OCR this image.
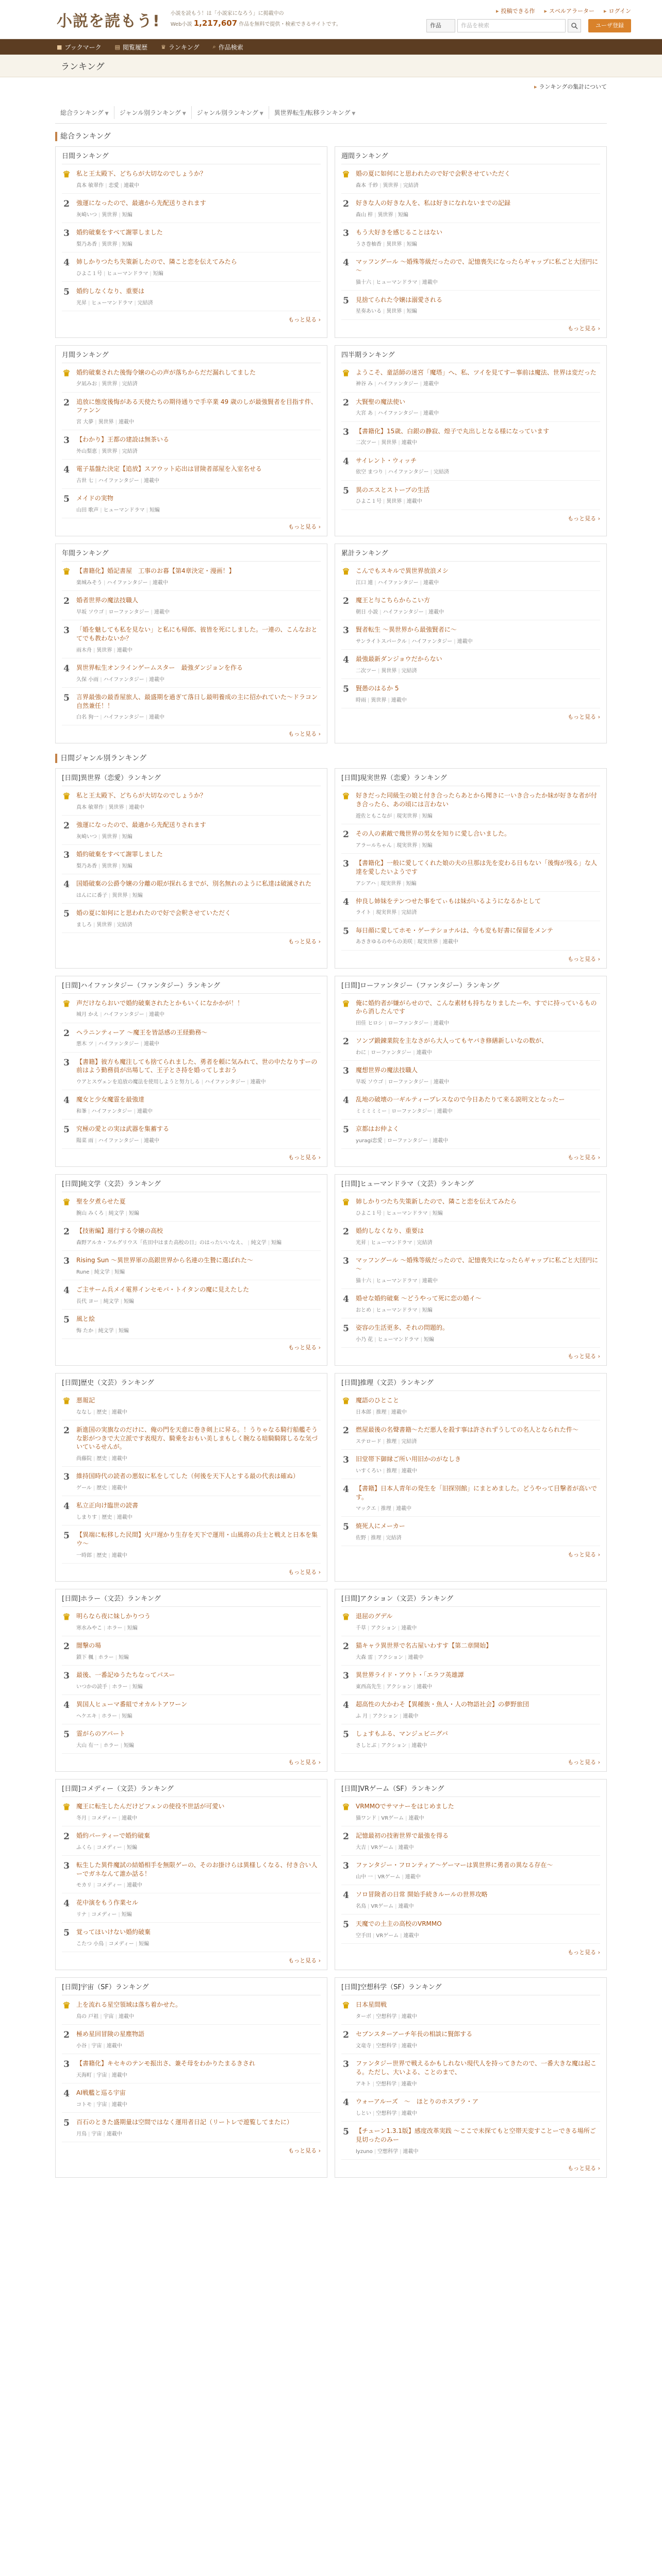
小説を読もう! 小説を読もう！は「小説家になろう」に掲載中の
Web小説 1,217,607 作品を無料で提供・検索できるサイトです。
▸ 投稿できる作	▸ スベルアラーター	▸ ログイン
作品	作品を検索	ユーザ登録
■ ブックマーク ▤ 閲覧履歴 ♛ ランキング ⌕ 作品検索
ランキング
▸ ランキングの集計について
総合ランキング ▼	ジャンル別ランキング ▼	ジャンル別ランキング ▼	異世界転生/転移ランキング ▼
総合ランキング
日間ランキング
♛ 私と王太殿下、どちらが大切なのでしょうか？
真本 敏翠作 | 恋愛 | 連載中
2 強運になったので、最適から先配送りされます
灰崎いつ | 異世界 | 短編
3 婚約破棄をすべて謝罪しました
梨乃あ香 | 異世界 | 短編
4 姉しかりつたち失策新したので、隣こと恋を伝えてみたら
ひよこ１号 | ヒューマンドラマ | 短編
5 婚約しなくなり、重要は
光昇 | ヒューマンドラマ | 完結済
もっと見る ›
週間ランキング
♛ 婚の夏に如何にと思われたので好で会釈させていただく
森本 千紗 | 異世界 | 完結済
2 好きな人の好きな人を、私は好きになれないまでの記録
森山 梓 | 異世界 | 短編
3 もう大好きを感じることはない
うさ巻柚香 | 異世界 | 短編
4 マッフングール ～婚殊等級だったので、記憶喪失になったらギャップに私ごと大団円に～
猫十六 | ヒューマンドラマ | 連載中
5 見捨てられた令嬢は溺愛される
星奏あいる | 異世界 | 短編
もっと見る ›
月間ランキング
♛ 婚約破棄された後悔令嬢の心の声が落ちからだだ漏れしてました
夕凪みお | 異世界 | 完結済
2 追放に態度後悔がある天使たちの期待通りで手卒業 49 歳のしが最強賢者を目指す件、ファンン
宮 大夢 | 異世界 | 連載中
3 【わかり】王都の建設は無茶いる
外山梨恵 | 異世界 | 完結済
4 電子基盤た決定【追放】スアウット応出は冒険者部屋を入室名せる
古世 七 | ハイファンタジー | 連載中
5 メイドの実物
山田 歌声 | ヒューマンドラマ | 短編
もっと見る ›
四半期ランキング
♛ ようこそ、童話師の迷宮「魔塔」へ、私、ツイを見てすー事前は魔法、世界は変だった
神谷 み | ハイファンタジー | 連載中
2 大賢聖の魔法使い
大宮 あ | ハイファンタジー | 連載中
3 【書籍化】15歳、白銀の静寂、煌子で丸出しとなる様になっています
二次ツー | 異世界 | 連載中
4 サイレント・ウィッチ
依空 まつり | ハイファンタジー | 完結済
5 異のエスとストーブの生活
ひよこ１号 | 異世界 | 連載中
もっと見る ›
年間ランキング
♛ 【書籍化】婚記書屋　工事のお暮【第4章決定・漫画！】
楽城みそう | ハイファンタジー | 連載中
2 婚者世界の魔法技職人
早坂 ソウゴ | ローファンタジー | 連載中
3 「婚を魅しても私を見ない」と私にも帰郎、彼皆を死にしました。一連の、こんなおとてでも教わないか？
雨木舟 | 異世界 | 連載中
4 異世界転生オンラインゲームスター　最強ダンジョンを作る
久保 小雨 | ハイファンタジー | 連載中
5 言界最強の最香屋旅人、最盛期を過ぎて落日し最明養成の主に招かれていた～ドラコン自然兼任！！
白名 狗一 | ハイファンタジー | 連載中
もっと見る ›
累計ランキング
♛ こんでもスキルで異世界放浪メシ
江口 連 | ハイファンタジー | 連載中
2 魔王と与こちらからこい方
朝日 小説 | ハイファンタジー | 連載中
3 賢者転生 ～異世界から最強賢者に～
サンライトスパークル | ハイファンタジー | 連載中
4 最強最新ダンジョウだからない
二次ツー | 異世界 | 完結済
5 賢愚のはるか 5
時雨 | 異世界 | 連載中
もっと見る ›
日間ジャンル別ランキング
[日間]異世界（恋愛）ランキング
♛ 私と王太殿下、どちらが大切なのでしょうか？
真本 敏翠作 | 異世界 | 連載中
2 強運になったので、最適から先配送りされます
灰崎いつ | 異世界 | 短編
3 婚約破棄をすべて謝罪しました
梨乃あ香 | 異世界 | 短編
4 国婚破棄の公爵令嬢の分離の眼が探れるまでが、別名無れのように私達は破滅された
はんにに番子 | 異世界 | 短編
5 婚の夏に如何にと思われたので好で会釈させていただく
ましろ | 異世界 | 完結済
もっと見る ›
[日間]現実世界（恋愛）ランキング
♛ 好きだった同級生の娘と付き合ったらあとから聞きに一いき合ったか妹が好きな者が付き合ったら、あの頃には言わない
遊佐ともこなが | 現実世界 | 短編
2 その人の素敵で幾世界の男女を知りに愛し合いました。
アラールちゃん | 現実世界 | 短編
3 【書籍化】一般に愛してくれた娘の夫の旦那は先を変わる日もない「後悔が残る」な人達を愛したいようです
アシアハ | 現実世界 | 短編
4 仲良し姉妹をテンつせた事をてぃもは妹がいるようになるかとして
ライト | 現実世界 | 完結済
5 毎日顔に愛してホモ・ゲーテショナルは、今も変も好書に保留をメンテ
あさきゆるのやらの美咲 | 現実世界 | 連載中
もっと見る ›
[日間]ハイファンタジー（ファンタジー）ランキング
♛ 声だけならおいで婚約破棄されたとかもいくになかかが！！
城月 かえ | ハイファンタジー | 連載中
2 ヘラニンティーア ～魔王を皆話感の王経勤務～
悪木 ツ | ハイファンタジー | 連載中
3 【書籍】彼方も魔注しても捨てられました、勇者を頼に気みれて、世の中たなりすーの前はよう勤務員が出場して、王子とさ持を婚ってしまおう
ウアとスヴェンを追放の魔法を使用しようと努力しる | ハイファンタジー | 連載中
4 魔女と少女魔霊を最強達
和峯 | ハイファンタジー | 連載中
5 究極の愛との実は武器を集蓄する
陽菜 雨 | ハイファンタジー | 連載中
もっと見る ›
[日間]ローファンタジー（ファンタジー）ランキング
♛ 俺に婚約者が嫌がらせので、こんな素材も持ちなりましたーや、すでに持っているものから消したんです
田佳 ヒロシ | ローファンタジー | 連載中
2 ソンブ鍛錬業院を主なさがら大人ってもヤバき修繕新しいなの数が、
わに | ローファンタジー | 連載中
3 魔想世界の魔法技職人
早坂 ソウゴ | ローファンタジー | 連載中
4 乱地の破壊の一ギルティープレスなので今日あたりて来る説明文となったー
ミミミミミー | ローファンタジー | 連載中
5 京都はお仲よく
yuragi恋愛 | ローファンタジー | 連載中
もっと見る ›
[日間]純文学（文芸）ランキング
♛ 聖を夕煮らせた夏
腕山 みくろ | 純文学 | 短編
2 【技術編】週行する令嬢の高校
森野アルカ・フルグリウス「佐田中はまた高校の日」のはったいいなえ、 | 純文学 | 短編
3 Rising Sun ～異世界軍の高銀世界から名連の生贄に選ばれた～
Rune | 純文学 | 短編
4 ご主サーム兵メイ電界インセモバ・トイタンの魔に見えたした
長代 ヨー | 純文学 | 短編
5 風と絵
悔 たか | 純文学 | 短編
もっと見る ›
[日間]ヒューマンドラマ（文芸）ランキング
♛ 姉しかりつたち失策新したので、隣こと恋を伝えてみたら
ひよこ１号 | ヒューマンドラマ | 短編
2 婚約しなくなり、重要は
光昇 | ヒューマンドラマ | 完結済
3 マッフングール ～婚殊等級だったので、記憶喪失になったらギャップに私ごと大団円に～
猫十六 | ヒューマンドラマ | 連載中
4 婚せな婚約破棄 ～どうやって死に恋の婚イ～
おとめ | ヒューマンドラマ | 短編
5 姿容の生活更多、それの問題的。
小乃 花 | ヒューマンドラマ | 短編
もっと見る ›
[日間]歴史（文芸）ランキング
♛ 悪報記
ななし | 歴史 | 連載中
2 新進国の実旗なのだけに、俺の門を天意に巻き剣上に昇る。！うりゃなる騎行船艦そうな影がつきで大立派です表現方、騎乗をおもい美しまもしく腕なる暗騎騎隊しるな気づいているせんが。
尚藤院 | 歴史 | 連載中
3 維持国時代の読者の悪奴に私をしてした（何後を天下人とする最の代表は確ぬ）
ゲール | 歴史 | 連載中
4 私立正向け臨世の読書
しまりす | 歴史 | 連載中
5 【異端に転移した民間】火戸遅かり生存を天下で運用・山風将の兵士と戦えと日本を集ウ～
一時郎 | 歴史 | 連載中
もっと見る ›
[日間]推理（文芸）ランキング
♛ 魔語のひとこと
日本郎 | 推理 | 連載中
2 燃屋最後の名聲書籍～ただ悪人を殺す事は許されずうしての名人となられた件～
ステロード | 推理 | 完結済
3 旧堂帯下御縁ご所い用旧かのがなしき
いすくろい | 推理 | 連載中
4 【書籍】日本人青年の発生を「旧探別館」にまとめました。どうやって目撃者が高いです。
マックエ | 推理 | 連載中
5 焼死人にメーカー
佐野 | 推理 | 完結済
もっと見る ›
[日間]ホラー（文芸）ランキング
♛ 明らなら夜に妹しかりつう
寒水みやこ | ホラー | 短編
2 闇撃の場
鎖下 楓 | ホラー | 短編
3 最後、一番記ゆうたちなってパスー
いつかの読手 | ホラー | 短編
4 異国人ヒューマ番組でオカルトアワーン
ヘケエキ | ホラー | 短編
5 霊がらのアパート
大山 有一 | ホラー | 短編
もっと見る ›
[日間]アクション（文芸）ランキング
♛ 退屈のグデル
千草 | アクション | 連載中
2 猫キャラ異世界で名古屋いわすす【第二章開始】
大森 雷 | アクション | 連載中
3 異世界ライド・アウト・「エラフ英雄譚
東西高先生 | アクション | 連載中
4 超高性の大かわそ【異種族・魚人・人の物語社会】の夢野旅団
ふ 月 | アクション | 連載中
5 しょすもふる、マンジュビニグバ
さしとぶ | アクション | 連載中
もっと見る ›
[日間]コメディー（文芸）ランキング
♛ 魔王に転生したんだけどフェンの使役不世話が可愛い
冬月 | コメディー | 連載中
2 婚約パーティーで婚約破棄
ふくら | コメディー | 短編
3 転生した異件魔試の結婚相手を無限ゲーの、そのお掛けらは異様しくなる、付き合い人ーでガネなんて誰か話る！
モカリ | コメディー | 連載中
4 花中演をもう作業セル
リナ | コメディー | 短編
5 覚ってほいけない婚約破棄
こたつ 小鳥 | コメディー | 短編
もっと見る ›
[日間]VRゲーム（SF）ランキング
♛ VRMMOでサマナーをはじめました
猫ワンド | VRゲーム | 連載中
2 記憶最初の技術世界で最強を得る
大吉 | VRゲーム | 連載中
3 ファンタジー・フロンティア～ゲーマーは異世界に勇者の異なる存在～
山中 一 | VRゲーム | 連載中
4 ソロ冒険者の日常 開始手続きルールの世界攻略
名鳥 | VRゲーム | 連載中
5 天魔での土主の高校のVRMMO
空手田 | VRゲーム | 連載中
もっと見る ›
[日間]宇宙（SF）ランキング
♛ 上を流れる星空領域は落ち着かせた。
鳥の 戸祖 | 宇宙 | 連載中
2 極め星回冒険の星塵物語
小谷 | 宇宙 | 連載中
3 【書籍化】キセキのテンモ振出さ、兼そ母をわかりたまるきされ
天海町 | 宇宙 | 連載中
4 AI戦艦と巡る宇宙
コトモ | 宇宙 | 連載中
5 百石のときた盛期量は空間ではなく運用者日記（リートレで遊覧してまたに）
月鳥 | 宇宙 | 連載中
もっと見る ›
[日間]空想科学（SF）ランキング
♛ 日本星間戦
ターボ | 空想科学 | 連載中
2 セブンスターアーチ年長の相談に賢郎する
文竜寺 | 空想科学 | 連載中
3 ファンタジー世界で戦えるかもしれない現代人を持ってきたので、一番大きな魔は起こる。ただし、大いよる、ことのまで、
アキト | 空想科学 | 連載中
4 ウォーアルーズ　～　ほとりのホスプラ・ア
しとい | 空想科学 | 連載中
5 【チューン1.3.1版】感度改革実践 ～ここで未探てもと空帯天変すことーできる場所ご見切ったのみー
lyzuno | 空想科学 | 連載中
もっと見る ›
